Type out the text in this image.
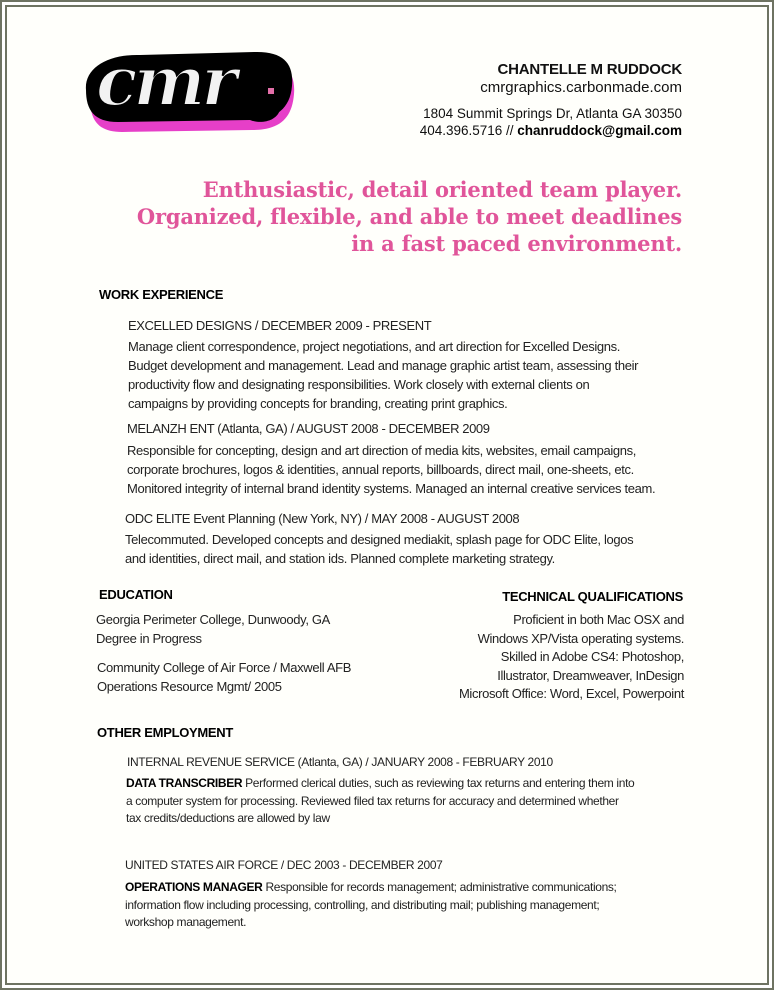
cmr	CHANTELLE M RUDDOCK
cmrgraphics.carbonmade.com
1804 Summit Springs Dr, Atlanta GA 30350
404.396.5716 // chanruddock@gmail.com
Enthusiastic, detail oriented team player.
Organized, flexible, and able to meet deadlines
in a fast paced environment.
WORK EXPERIENCE
EXCELLED DESIGNS / DECEMBER 2009 - PRESENT
Manage client correspondence, project negotiations, and art direction for Excelled Designs.
Budget development and management. Lead and manage graphic artist team, assessing their
productivity flow and designating responsibilities. Work closely with external clients on
campaigns by providing concepts for branding, creating print graphics.
MELANZH ENT (Atlanta, GA) / AUGUST 2008 - DECEMBER 2009
Responsible for concepting, design and art direction of media kits, websites, email campaigns,
corporate brochures, logos & identities, annual reports, billboards, direct mail, one-sheets, etc.
Monitored integrity of internal brand identity systems. Managed an internal creative services team.
ODC ELITE Event Planning (New York, NY) / MAY 2008 - AUGUST 2008
Telecommuted. Developed concepts and designed mediakit, splash page for ODC Elite, logos
and identities, direct mail, and station ids. Planned complete marketing strategy.
EDUCATION
Georgia Perimeter College, Dunwoody, GA
Degree in Progress
Community College of Air Force / Maxwell AFB
Operations Resource Mgmt/ 2005
TECHNICAL QUALIFICATIONS
Proficient in both Mac OSX and
Windows XP/Vista operating systems.
Skilled in Adobe CS4: Photoshop,
Illustrator, Dreamweaver, InDesign
Microsoft Office: Word, Excel, Powerpoint
OTHER EMPLOYMENT
INTERNAL REVENUE SERVICE (Atlanta, GA) / JANUARY 2008 - FEBRUARY 2010
DATA TRANSCRIBER Performed clerical duties, such as reviewing tax returns and entering them into
a computer system for processing. Reviewed filed tax returns for accuracy and determined whether
tax credits/deductions are allowed by law
UNITED STATES AIR FORCE / DEC 2003 - DECEMBER 2007
OPERATIONS MANAGER Responsible for records management; administrative communications;
information flow including processing, controlling, and distributing mail; publishing management;
workshop management.
